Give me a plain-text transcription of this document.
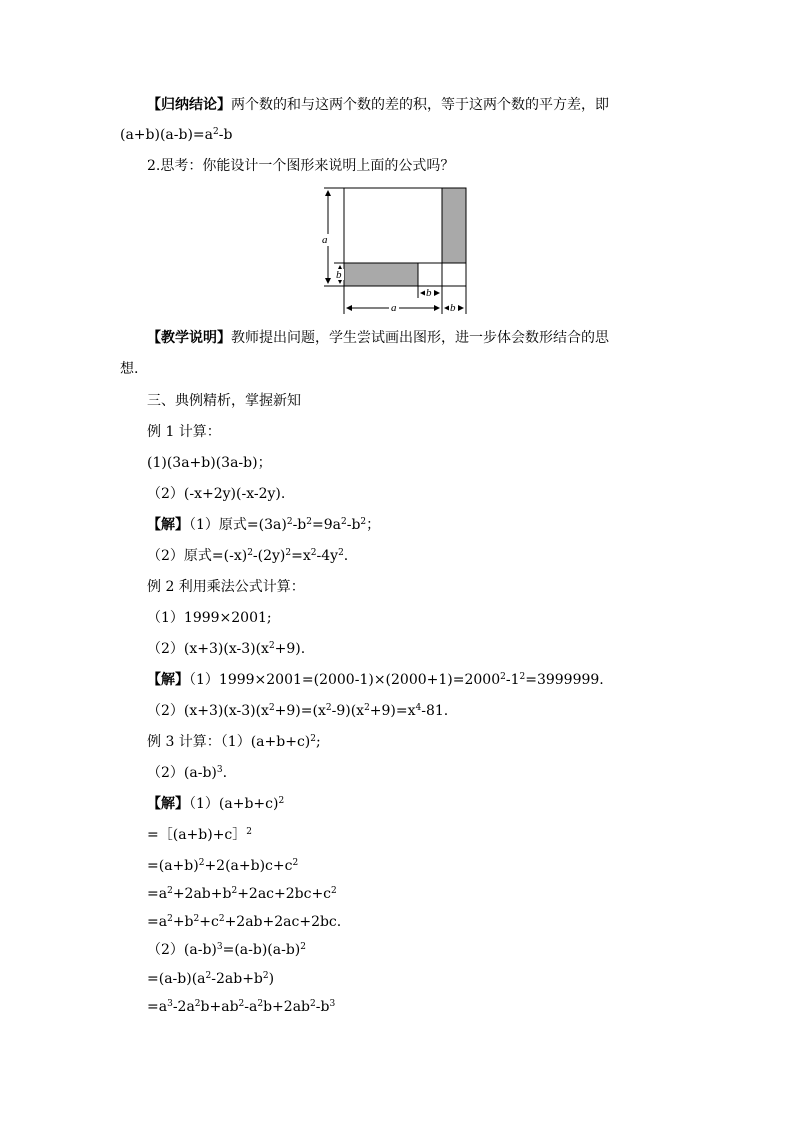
【归纳结论】两个数的和与这两个数的差的积，等于这两个数的平方差，即
$(a+b)(a-b)=a^2-b$
2.思考：你能设计一个图形来说明上面的公式吗？
a
b
a
b
b
【教学说明】教师提出问题，学生尝试画出图形，进一步体会数形结合的思
想.
三、典例精析，掌握新知
例 1 计算：
(1)(3a+b)(3a-b)；
（2）(-x+2y)(-x-2y).
【解】（1）原式$=(3a)^2-b^2=9a^2-b^2$；
（2）原式$=(-x)^2-(2y)^2=x^2-4y^2$.
例 2 利用乘法公式计算：
（1）1999×2001;
$(2)(x+3)(x-3)(x^2+9)$.
【解】$(1)1999\times 2001=(2000-1)\times(2000+1)=2000^2-1^2=3999999$.
$(2)(x+3)(x-3)(x^2+9)=(x^2-9)(x^2+9)=x^4-81$.
例 3 计算：$(1)(a+b+c)^2$;
$(2)(a-b)^3$.
【解】$(1)(a+b+c)^2$
=［(a+b)+c］$^2$
$=(a+b)^2+2(a+b)c+c^2$
$=a^2+2ab+b^2+2ac+2bc+c^2$
$=a^2+b^2+c^2+2ab+2ac+2bc$.
$(2)(a-b)^3=(a-b)(a-b)^2$
$=(a-b)(a^2-2ab+b^2)$
$=a^3-2a^2b+ab^2-a^2b+2ab^2-b^3$
